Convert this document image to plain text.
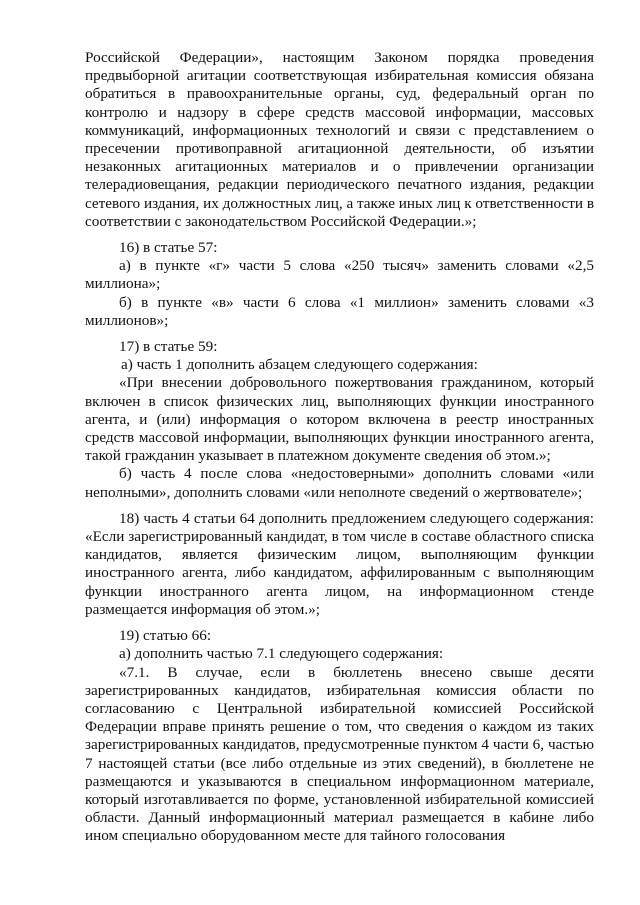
Российской Федерации», настоящим Законом порядка проведения предвыборной агитации соответствующая избирательная комиссия обязана обратиться в правоохранительные органы, суд, федеральный орган по контролю и надзору в сфере средств массовой информации, массовых коммуникаций, информационных технологий и связи с представлением о пресечении противоправной агитационной деятельности, об изъятии незаконных агитационных материалов и о привлечении организации телерадиовещания, редакции периодического печатного издания, редакции сетевого издания, их должностных лиц, а также иных лиц к ответственности в соответствии с законодательством Российской Федерации.»;

16) в статье 57:

а) в пункте «г» части 5 слова «250 тысяч» заменить словами «2,5 миллиона»;

б) в пункте «в» части 6 слова «1 миллион» заменить словами «3 миллионов»;

17) в статье 59:

а) часть 1 дополнить абзацем следующего содержания:

«При внесении добровольного пожертвования гражданином, который включен в список физических лиц, выполняющих функции иностранного агента, и (или) информация о котором включена в реестр иностранных средств массовой информации, выполняющих функции иностранного агента, такой гражданин указывает в платежном документе сведения об этом.»;

б) часть 4 после слова «недостоверными» дополнить словами «или неполными», дополнить словами «или неполноте сведений о жертвователе»;

18) часть 4 статьи 64 дополнить предложением следующего содержания: «Если зарегистрированный кандидат, в том числе в составе областного списка кандидатов, является физическим лицом, выполняющим функции иностранного агента, либо кандидатом, аффилированным с выполняющим функции иностранного агента лицом, на информационном стенде размещается информация об этом.»;

19) статью 66:

а) дополнить частью 7.1 следующего содержания:

«7.1. В случае, если в бюллетень внесено свыше десяти зарегистрированных кандидатов, избирательная комиссия области по согласованию с Центральной избирательной комиссией Российской Федерации вправе принять решение о том, что сведения о каждом из таких зарегистрированных кандидатов, предусмотренные пунктом 4 части 6, частью 7 настоящей статьи (все либо отдельные из этих сведений), в бюллетене не размещаются и указываются в специальном информационном материале, который изготавливается по форме, установленной избирательной комиссией области. Данный информационный материал размещается в кабине либо ином специально оборудованном месте для тайного голосования
